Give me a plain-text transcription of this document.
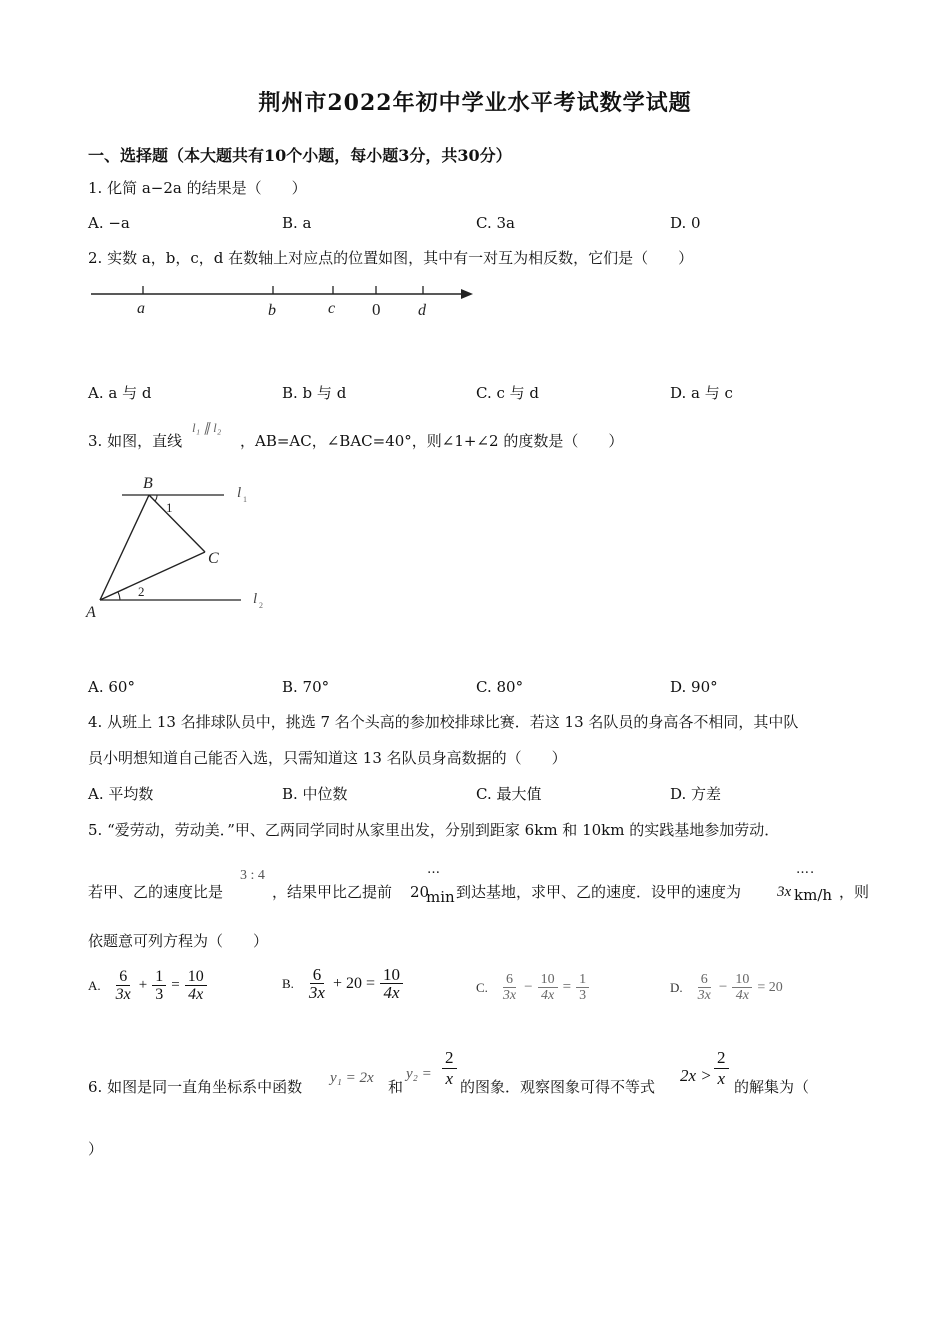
荆州市2022年初中学业水平考试数学试题
一、选择题（本大题共有10个小题，每小题3分，共30分）
1. 化简 a−2a 的结果是（　　）
A. −a	B. a	C. 3a	D. 0
2. 实数 a，b，c，d 在数轴上对应点的位置如图，其中有一对互为相反数，它们是（　　）
a	b	c 0 d
A. a 与 d	B. b 与 d	C. c 与 d	D. a 与 c
3. 如图，直线
l₁ ∥ l₂
，AB=AC，∠BAC=40°，则∠1+∠2 的度数是（　　）
B
1
C
2
A
l 1
l 2
A. 60°	B. 70°	C. 80°	D. 90°
4. 从班上 13 名排球队员中，挑选 7 名个头高的参加校排球比赛．若这 13 名队员的身高各不相同，其中队
员小明想知道自己能否入选，只需知道这 13 名队员身高数据的（　　）
A. 平均数	B. 中位数	C. 最大值	D. 方差
5. “爱劳动，劳动美．”甲、乙两同学同时从家里出发，分别到距家 6km 和 10km 的实践基地参加劳动．
若甲、乙的速度比是
3 : 4
，结果甲比乙提前
…
20
min 到达基地，求甲、乙的速度．设甲的速度为
….
3x km/h ，则
依题意可列方程为（　　）
A. $\frac{6}{3x} + \frac{1}{3} = \frac{10}{4x}$	B. $\frac{6}{3x} + 20 = \frac{10}{4x}$	C. $\frac{6}{3x} - \frac{10}{4x} = \frac{1}{3}$	D. $\frac{6}{3x} - \frac{10}{4x} = 20$
6. 如图是同一直角坐标系中函数 y₁ = 2x 和
$y_2 = \frac{2}{x}$ 的图象．观察图象可得不等式
$2x > \frac{2}{x}$ 的解集为（
）
